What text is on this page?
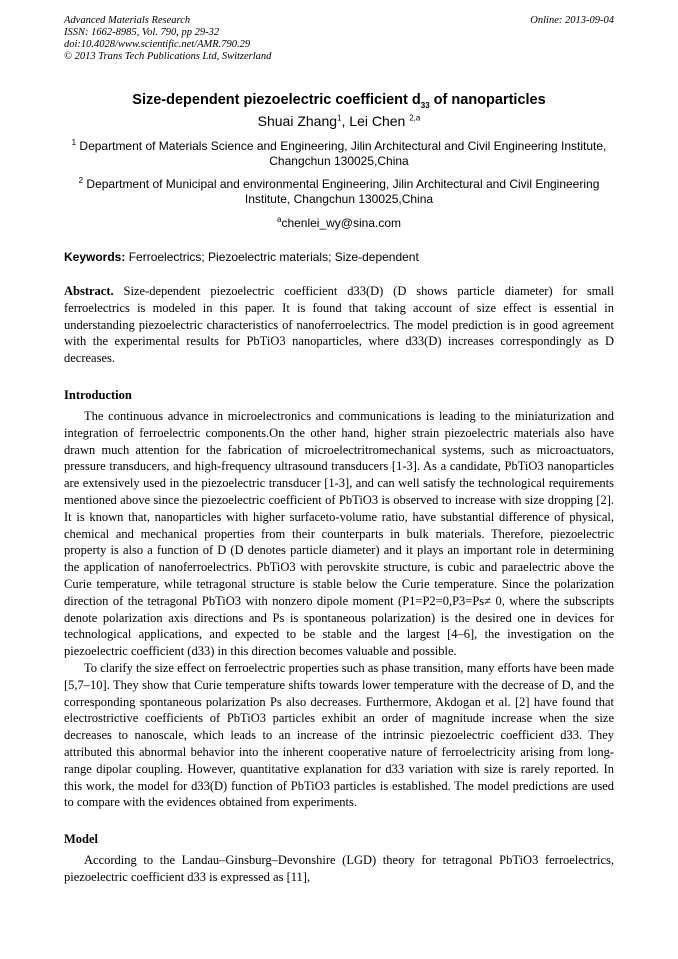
Advanced Materials Research
ISSN: 1662-8985, Vol. 790, pp 29-32
doi:10.4028/www.scientific.net/AMR.790.29
© 2013 Trans Tech Publications Ltd, Switzerland
Online: 2013-09-04
Size-dependent piezoelectric coefficient $d_{33}$ of nanoparticles
Shuai Zhang$^1$, Lei Chen $^{2,a}$
$^1$ Department of Materials Science and Engineering, Jilin Architectural and Civil Engineering Institute, Changchun 130025,China
$^2$ Department of Municipal and environmental Engineering, Jilin Architectural and Civil Engineering Institute, Changchun 130025,China
$^a$chenlei_wy@sina.com
Keywords: Ferroelectrics; Piezoelectric materials; Size-dependent
Abstract. Size-dependent piezoelectric coefficient d33(D) (D shows particle diameter) for small ferroelectrics is modeled in this paper. It is found that taking account of size effect is essential in understanding piezoelectric characteristics of nanoferroelectrics. The model prediction is in good agreement with the experimental results for PbTiO3 nanoparticles, where d33(D) increases correspondingly as D decreases.
Introduction

The continuous advance in microelectronics and communications is leading to the miniaturization and integration of ferroelectric components.On the other hand, higher strain piezoelectric materials also have drawn much attention for the fabrication of microelectritromechanical systems, such as microactuators, pressure transducers, and high-frequency ultrasound transducers [1-3]. As a candidate, PbTiO3 nanoparticles are extensively used in the piezoelectric transducer [1-3], and can well satisfy the technological requirements mentioned above since the piezoelectric coefficient of PbTiO3 is observed to increase with size dropping [2]. It is known that, nanoparticles with higher surfaceto-volume ratio, have substantial difference of physical, chemical and mechanical properties from their counterparts in bulk materials. Therefore, piezoelectric property is also a function of D (D denotes particle diameter) and it plays an important role in determining the application of nanoferroelectrics. PbTiO3 with perovskite structure, is cubic and paraelectric above the Curie temperature, while tetragonal structure is stable below the Curie temperature. Since the polarization direction of the tetragonal PbTiO3 with nonzero dipole moment (P1=P2=0,P3=Ps≠ 0, where the subscripts denote polarization axis directions and Ps is spontaneous polarization) is the desired one in devices for technological applications, and expected to be stable and the largest [4–6], the investigation on the piezoelectric coefficient (d33) in this direction becomes valuable and possible.

To clarify the size effect on ferroelectric properties such as phase transition, many efforts have been made [5,7–10]. They show that Curie temperature shifts towards lower temperature with the decrease of D, and the corresponding spontaneous polarization Ps also decreases. Furthermore, Akdogan et al. [2] have found that electrostrictive coefficients of PbTiO3 particles exhibit an order of magnitude increase when the size decreases to nanoscale, which leads to an increase of the intrinsic piezoelectric coefficient d33. They attributed this abnormal behavior into the inherent cooperative nature of ferroelectricity arising from long-range dipolar coupling. However, quantitative explanation for d33 variation with size is rarely reported. In this work, the model for d33(D) function of PbTiO3 particles is established. The model predictions are used to compare with the evidences obtained from experiments.

Model

According to the Landau–Ginsburg–Devonshire (LGD) theory for tetragonal PbTiO3 ferroelectrics, piezoelectric coefficient d33 is expressed as [11],
